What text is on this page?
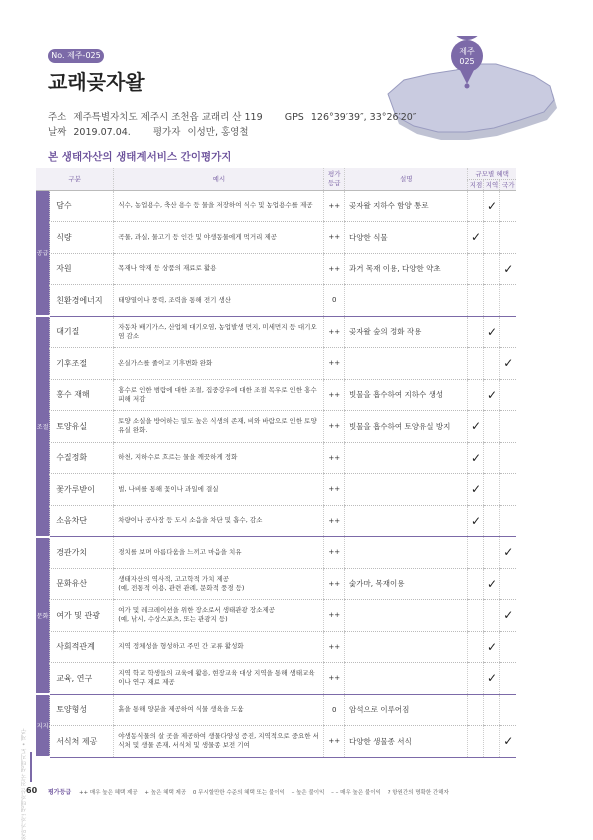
No. 제주-025
교래곶자왈
제주
025
주소 제주특별자치도 제주시 조천읍 교래리 산 119 GPS 126°39′39″, 33°26′20″
날짜 2019.07.04. 평가자 이성만, 홍영철
본 생태자산의 생태계서비스 간이평가지
구분		예시	평가
등급	설명	규모별 혜택		
					지점	지역	국가
공급	담수	식수, 농업용수, 축산 용수 등 물을 저장하여 식수 및 농업용수를 제공	++	곶자왈 지하수 함양 통로		✓	
	식량	곡물, 과실, 물고기 등 인간 및 야생동물에게 먹거리 제공	++	다양한 식물	✓		
	자원	목재나 약재 등 상품의 재료로 활용	++	과거 목재 이용, 다양한 약초			✓
	친환경에너지	태양열이나 풍력, 조력을 통해 전기 생산	0				
조절	대기질	자동차 배기가스, 산업체 대기오염, 농업발생 먼지, 미세먼지 등 대기오염 감소	++	곶자왈 숲의 정화 작용		✓	
	기후조절	온실가스를 줄이고 기후변화 완화	++				✓
	홍수 재해	홍수로 인한 범람에 대한 조절, 집중강우에 대한 조절 목우로 인한 홍수피해 저감	++	빗물을 흡수하여 지하수 생성		✓	
	토양유실	토양 소실을 방어하는 밀도 높은 식생의 존재, 비와 바람으로 인한 토양유실 완화.	++	빗물을 흡수하여 토양유실 방지	✓		
	수질정화	하천, 지하수로 흐르는 물을 깨끗하게 정화	++		✓		
	꽃가루받이	벌, 나비를 통해 꽃이나 과일에 결실	++		✓		
	소음차단	차량이나 공사장 등 도시 소음을 차단 및 흡수, 감소	++		✓		
문화	경관가치	경치를 보며 아름다움을 느끼고 마음을 치유	++				✓
	문화유산	생태자산의 역사적, 고고학적 가치 제공
(예, 전통적 이용, 관련 관례, 문화적 풍경 등)	++	숯가마, 목재이용		✓	
	여가 및 관광	여가 및 레크레이션을 위한 장소로서 생태관광 장소제공
(예, 낚시, 수상스포츠, 또는 관광지 등)	++				✓
	사회적관계	지역 정체성을 형성하고 주민 간 교류 활성화	++			✓	
	교육, 연구	지역 학교 학생들의 교육에 활용, 현장교육 대상 지역을 통해 생태교육이나 연구 재료 제공	++			✓	
지지	토양형성	흙을 통해 양분을 제공하여 식물 생육을 도움	0	암석으로 이루어짐			
	서식처 제공	야생동식물의 살 곳을 제공하여 생물다양성 증진, 지역적으로 중요한 서식처 및 생물 존재, 서식처 및 생물종 보전 기여	++	다양한 생물종 서식			✓
찾아가자! 생태자산 전국 생태지도 • 제주
60 평가등급 ++ 매우 높은 혜택 제공 + 높은 혜택 제공 0 무시할만한 수준의 혜택 또는 불이익 – 높은 불이익 – – 매우 높은 불이익 ? 항원간의 명확한 간해자
